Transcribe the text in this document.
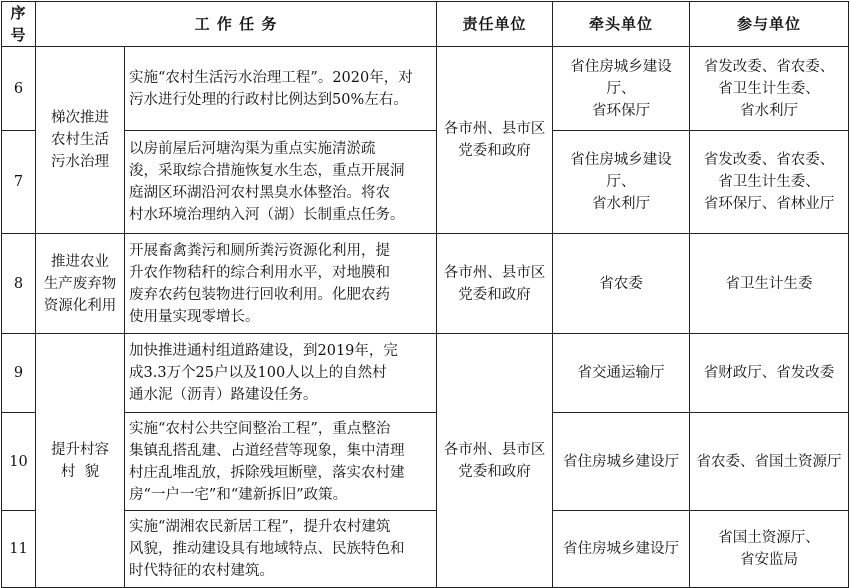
序
号	工 作 任 务		责任单位	牵头单位	参与单位
6	梯次推进
农村生活
污水治理	实施“农村生活污水治理工程”。2020年，对
污水进行处理的行政村比例达到50%左右。	各市州、县市区
党委和政府	省住房城乡建设厅、
省环保厅	省发改委、省农委、
省卫生计生委、
省水利厅

7		以房前屋后河塘沟渠为重点实施清淤疏
浚，采取综合措施恢复水生态，重点开展洞
庭湖区环湖沿河农村黑臭水体整治。将农
村水环境治理纳入河（湖）长制重点任务。		省住房城乡建设厅、
省水利厅	省发改委、省农委、
省卫生计生委、
省环保厅、省林业厅

8	推进农业
生产废弃物
资源化利用	开展畜禽粪污和厕所粪污资源化利用，提
升农作物秸秆的综合利用水平，对地膜和
废弃农药包装物进行回收利用。化肥农药
使用量实现零增长。	各市州、县市区
党委和政府	省农委	省卫生计生委
9	提升村容
村  貌	加快推进通村组道路建设，到2019年，完
成3.3万个25户以及100人以上的自然村
通水泥（沥青）路建设任务。	各市州、县市区
党委和政府	省交通运输厅	省财政厅、省发改委
10		实施“农村公共空间整治工程”，重点整治
集镇乱搭乱建、占道经营等现象，集中清理
村庄乱堆乱放，拆除残垣断壁，落实农村建
房“一户一宅”和“建新拆旧”政策。		省住房城乡建设厅	省农委、省国土资源厅
11		实施“湖湘农民新居工程”，提升农村建筑
风貌，推动建设具有地域特点、民族特色和
时代特征的农村建筑。		省住房城乡建设厅	省国土资源厅、
省安监局
